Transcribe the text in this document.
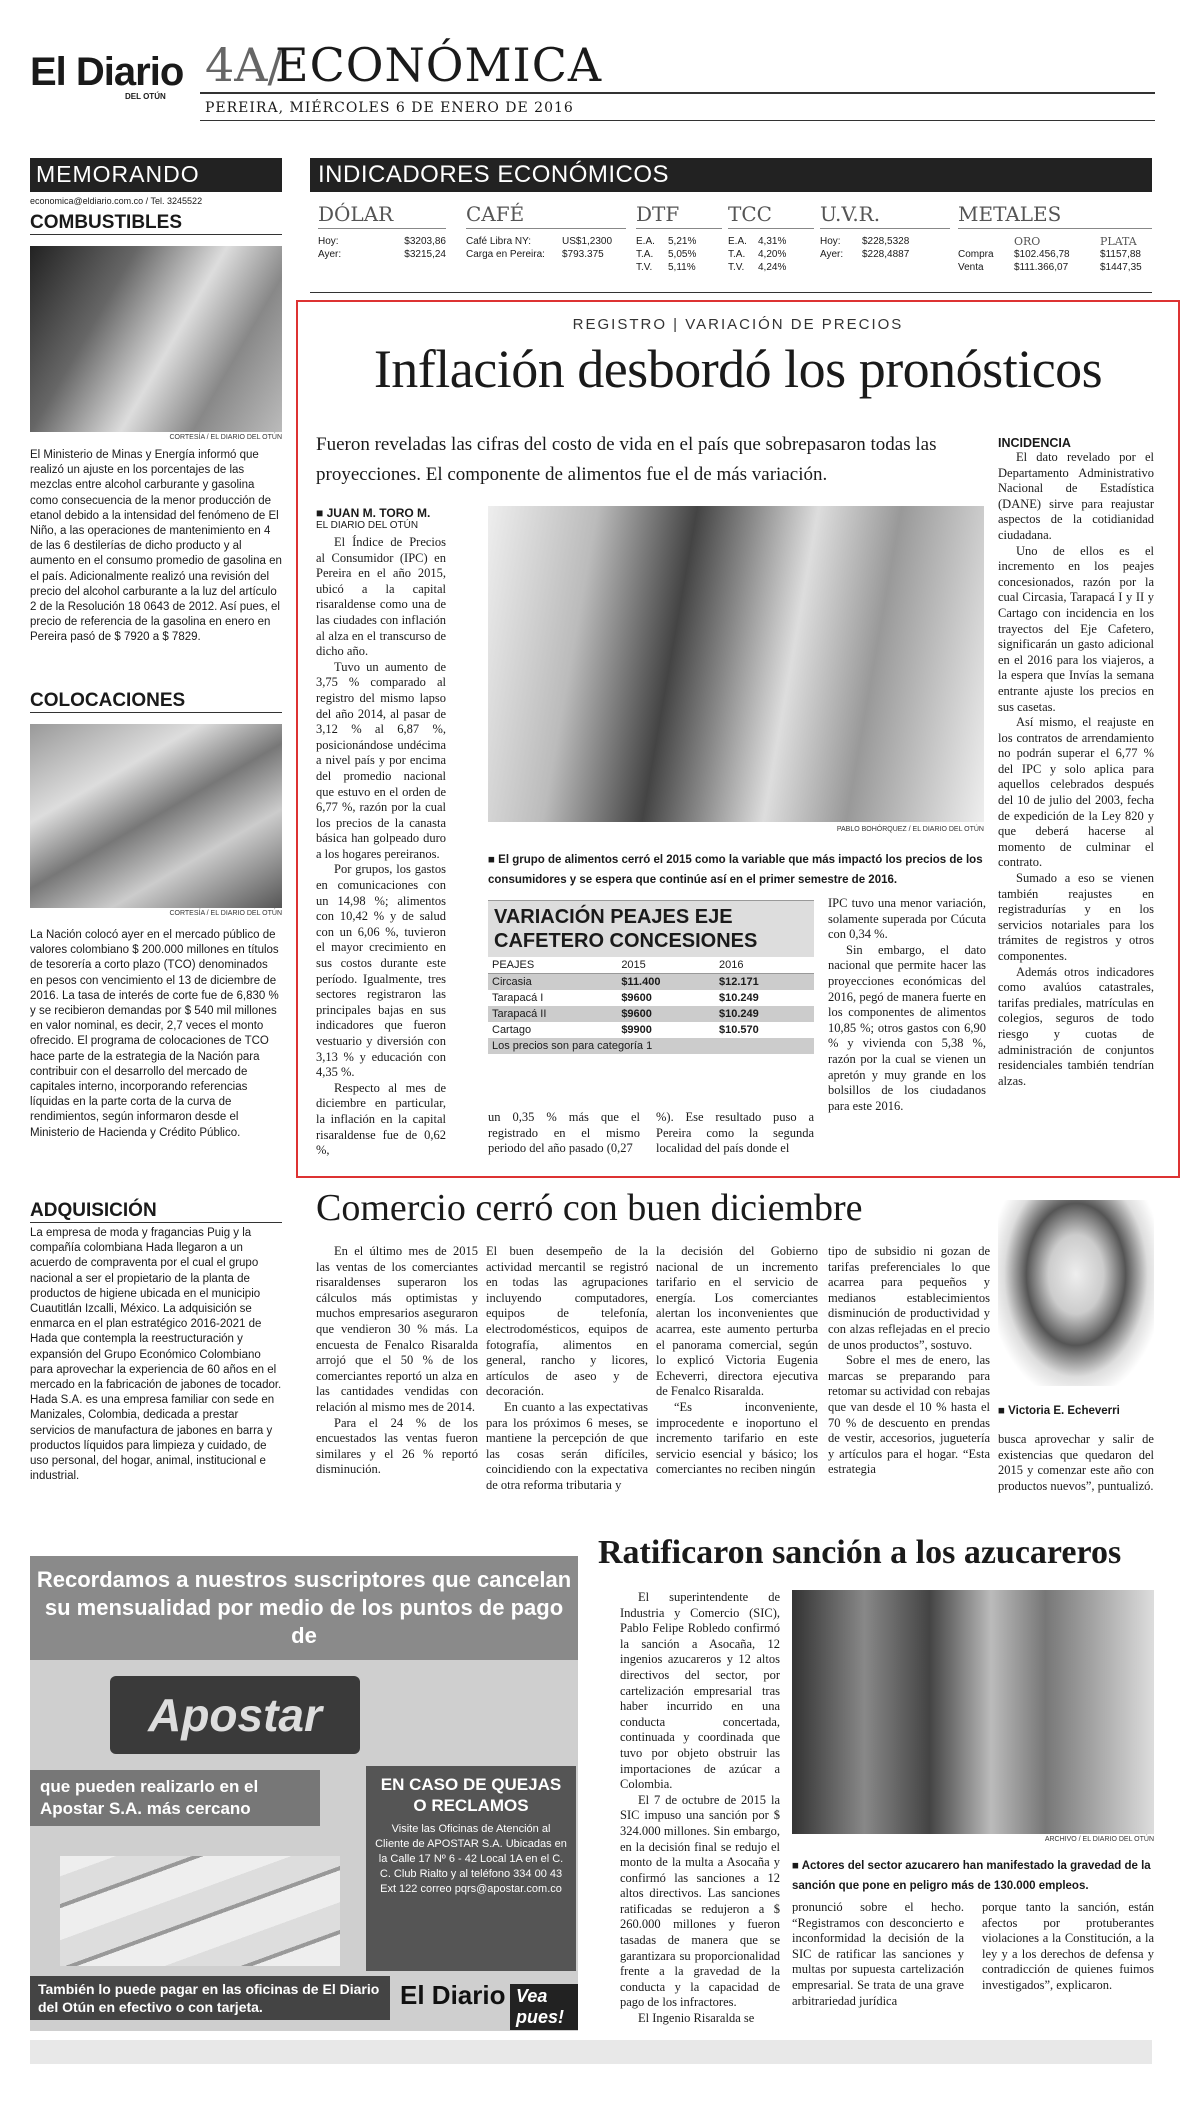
El Diario
DEL OTÚN
4A/
ECONÓMICA
PEREIRA, MIÉRCOLES 6 DE ENERO DE 2016
MEMORANDO
economica@eldiario.com.co / Tel. 3245522
COMBUSTIBLES
CORTESÍA / EL DIARIO DEL OTÚN

El Ministerio de Minas y Energía informó que realizó un ajuste en los porcentajes de las mezclas entre alcohol carburante y gasolina como consecuencia de la menor producción de etanol debido a la intensidad del fenómeno de El Niño, a las operaciones de mantenimiento en 4 de las 6 destilerías de dicho producto y al aumento en el consumo promedio de gasolina en el país. Adicionalmente realizó una revisión del precio del alcohol carburante a la luz del artículo 2 de la Resolución 18 0643 de 2012. Así pues, el precio de referencia de la gasolina en enero en Pereira pasó de $ 7920 a $ 7829.

COLOCACIONES
CORTESÍA / EL DIARIO DEL OTÚN

La Nación colocó ayer en el mercado público de valores colombiano $ 200.000 millones en títulos de tesorería a corto plazo (TCO) denominados en pesos con vencimiento el 13 de diciembre de 2016. La tasa de interés de corte fue de 6,830 % y se recibieron demandas por $ 540 mil millones en valor nominal, es decir, 2,7 veces el monto ofrecido. El programa de colocaciones de TCO hace parte de la estrategia de la Nación para contribuir con el desarrollo del mercado de capitales interno, incorporando referencias líquidas en la parte corta de la curva de rendimientos, según informaron desde el Ministerio de Hacienda y Crédito Público.

ADQUISICIÓN

La empresa de moda y fragancias Puig y la compañía colombiana Hada llegaron a un acuerdo de compraventa por el cual el grupo nacional a ser el propietario de la planta de productos de higiene ubicada en el municipio Cuautitlán Izcalli, México. La adquisición se enmarca en el plan estratégico 2016-2021 de Hada que contempla la reestructuración y expansión del Grupo Económico Colombiano para aprovechar la experiencia de 60 años en el mercado en la fabricación de jabones de tocador. Hada S.A. es una empresa familiar con sede en Manizales, Colombia, dedicada a prestar servicios de manufactura de jabones en barra y productos líquidos para limpieza y cuidado, de uso personal, del hogar, animal, institucional e industrial.

INDICADORES ECONÓMICOS
DÓLAR
Hoy:	$3203,86
Ayer:	$3215,24
CAFÉ
Café Libra NY:	US$1,2300
Carga en Pereira:	$793.375
DTF
E.A.	5,21%
T.A.	5,05%
T.V.	5,11%
TCC
E.A.	4,31%
T.A.	4,20%
T.V.	4,24%
U.V.R.
Hoy:	$228,5328
Ayer:	$228,4887
METALES
ORO	PLATA
Compra	$102.456,78	$1157,88
Venta	$111.366,07	$1447,35
REGISTRO | VARIACIÓN DE PRECIOS
Inflación desbordó los pronósticos

Fueron reveladas las cifras del costo de vida en el país que sobrepasaron todas las proyecciones. El componente de alimentos fue el de más variación.

■ JUAN M. TORO M.
EL DIARIO DEL OTÚN

El Índice de Precios al Consumidor (IPC) en Pereira en el año 2015, ubicó a la capital risaraldense como una de las ciudades con inflación al alza en el transcurso de dicho año.

Tuvo un aumento de 3,75 % comparado al registro del mismo lapso del año 2014, al pasar de 3,12 % al 6,87 %, posicionándose undécima a nivel país y por encima del promedio nacional que estuvo en el orden de 6,77 %, razón por la cual los precios de la canasta básica han golpeado duro a los hogares pereiranos.

Por grupos, los gastos en comunicaciones con un 14,98 %; alimentos con 10,42 % y de salud con un 6,06 %, tuvieron el mayor crecimiento en sus costos durante este período. Igualmente, tres sectores registraron las principales bajas en sus indicadores que fueron vestuario y diversión con 3,13 % y educación con 4,35 %.

Respecto al mes de diciembre en particular, la inflación en la capital risaraldense fue de 0,62 %,

PABLO BOHÓRQUEZ / EL DIARIO DEL OTÚN
■ El grupo de alimentos cerró el 2015 como la variable que más impactó los precios de los consumidores y se espera que continúe así en el primer semestre de 2016.
VARIACIÓN PEAJES EJE CAFETERO CONCESIONES
PEAJES	2015	2016
Circasia	$11.400	$12.171
Tarapacá I	$9600	$10.249
Tarapacá II	$9600	$10.249
Cartago	$9900	$10.570
Los precios son para categoría 1		

un 0,35 % más que el registrado en el mismo periodo del año pasado (0,27

%). Ese resultado puso a Pereira como la segunda localidad del país donde el

IPC tuvo una menor variación, solamente superada por Cúcuta con 0,34 %.

Sin embargo, el dato nacional que permite hacer las proyecciones económicas del 2016, pegó de manera fuerte en los componentes de alimentos 10,85 %; otros gastos con 6,90 % y vivienda con 5,38 %, razón por la cual se vienen un apretón y muy grande en los bolsillos de los ciudadanos para este 2016.

INCIDENCIA

El dato revelado por el Departamento Administrativo Nacional de Estadística (DANE) sirve para reajustar aspectos de la cotidianidad ciudadana.

Uno de ellos es el incremento en los peajes concesionados, razón por la cual Circasia, Tarapacá I y II y Cartago con incidencia en los trayectos del Eje Cafetero, significarán un gasto adicional en el 2016 para los viajeros, a la espera que Invías la semana entrante ajuste los precios en sus casetas.

Así mismo, el reajuste en los contratos de arrendamiento no podrán superar el 6,77 % del IPC y solo aplica para aquellos celebrados después del 10 de julio del 2003, fecha de expedición de la Ley 820 y que deberá hacerse al momento de culminar el contrato.

Sumado a eso se vienen también reajustes en registradurías y en los servicios notariales para los trámites de registros y otros componentes.

Además otros indicadores como avalúos catastrales, tarifas prediales, matrículas en colegios, seguros de todo riesgo y cuotas de administración de conjuntos residenciales también tendrían alzas.

Comercio cerró con buen diciembre

En el último mes de 2015 las ventas de los comerciantes risaraldenses superaron los cálculos más optimistas y muchos empresarios aseguraron que vendieron 30 % más. La encuesta de Fenalco Risaralda arrojó que el 50 % de los comerciantes reportó un alza en las cantidades vendidas con relación al mismo mes de 2014.

Para el 24 % de los encuestados las ventas fueron similares y el 26 % reportó disminución.

El buen desempeño de la actividad mercantil se registró en todas las agrupaciones incluyendo computadores, equipos de telefonía, electrodomésticos, equipos de fotografía, alimentos en general, rancho y licores, artículos de aseo y de decoración.

En cuanto a las expectativas para los próximos 6 meses, se mantiene la percepción de que las cosas serán difíciles, coincidiendo con la expectativa de otra reforma tributaria y

la decisión del Gobierno nacional de un incremento tarifario en el servicio de energía. Los comerciantes alertan los inconvenientes que acarrea, este aumento perturba el panorama comercial, según lo explicó Victoria Eugenia Echeverri, directora ejecutiva de Fenalco Risaralda.

“Es inconveniente, improcedente e inoportuno el incremento tarifario en este servicio esencial y básico; los comerciantes no reciben ningún

tipo de subsidio ni gozan de tarifas preferenciales lo que acarrea para pequeños y medianos establecimientos disminución de productividad y con alzas reflejadas en el precio de unos productos”, sostuvo.

Sobre el mes de enero, las marcas se preparando para retomar su actividad con rebajas que van desde el 10 % hasta el 70 % de descuento en prendas de vestir, accesorios, juguetería y artículos para el hogar. “Esta estrategia

■ Victoria E. Echeverri

busca aprovechar y salir de existencias que quedaron del 2015 y comenzar este año con productos nuevos”, puntualizó.

Ratificaron sanción a los azucareros

El superintendente de Industria y Comercio (SIC), Pablo Felipe Robledo confirmó la sanción a Asocaña, 12 ingenios azucareros y 12 altos directivos del sector, por cartelización empresarial tras haber incurrido en una conducta concertada, continuada y coordinada que tuvo por objeto obstruir las importaciones de azúcar a Colombia.

El 7 de octubre de 2015 la SIC impuso una sanción por $ 324.000 millones. Sin embargo, en la decisión final se redujo el monto de la multa a Asocaña y confirmó las sanciones a 12 altos directivos. Las sanciones ratificadas se redujeron a $ 260.000 millones y fueron tasadas de manera que se garantizara su proporcionalidad frente a la gravedad de la conducta y la capacidad de pago de los infractores.

El Ingenio Risaralda se

ARCHIVO / EL DIARIO DEL OTÚN
■ Actores del sector azucarero han manifestado la gravedad de la sanción que pone en peligro más de 130.000 empleos.

pronunció sobre el hecho. “Registramos con desconcierto e inconformidad la decisión de la SIC de ratificar las sanciones y multas por supuesta cartelización empresarial. Se trata de una grave arbitrariedad jurídica

porque tanto la sanción, están afectos por protuberantes violaciones a la Constitución, a la ley y a los derechos de defensa y contradicción de quienes fuimos investigados”, explicaron.

Recordamos a nuestros suscriptores que cancelan su mensualidad por medio de los puntos de pago de
Apostar
que pueden realizarlo en el Apostar S.A. más cercano
EN CASO DE QUEJAS O RECLAMOS
Visite las Oficinas de Atención al Cliente de APOSTAR S.A. Ubicadas en la Calle 17 Nº 6 - 42 Local 1A en el C. C. Club Rialto y al teléfono 334 00 43 Ext 122 correo pqrs@apostar.com.co
También lo puede pagar en las oficinas de El Diario del Otún en efectivo o con tarjeta.	El Diario Vea pues!
